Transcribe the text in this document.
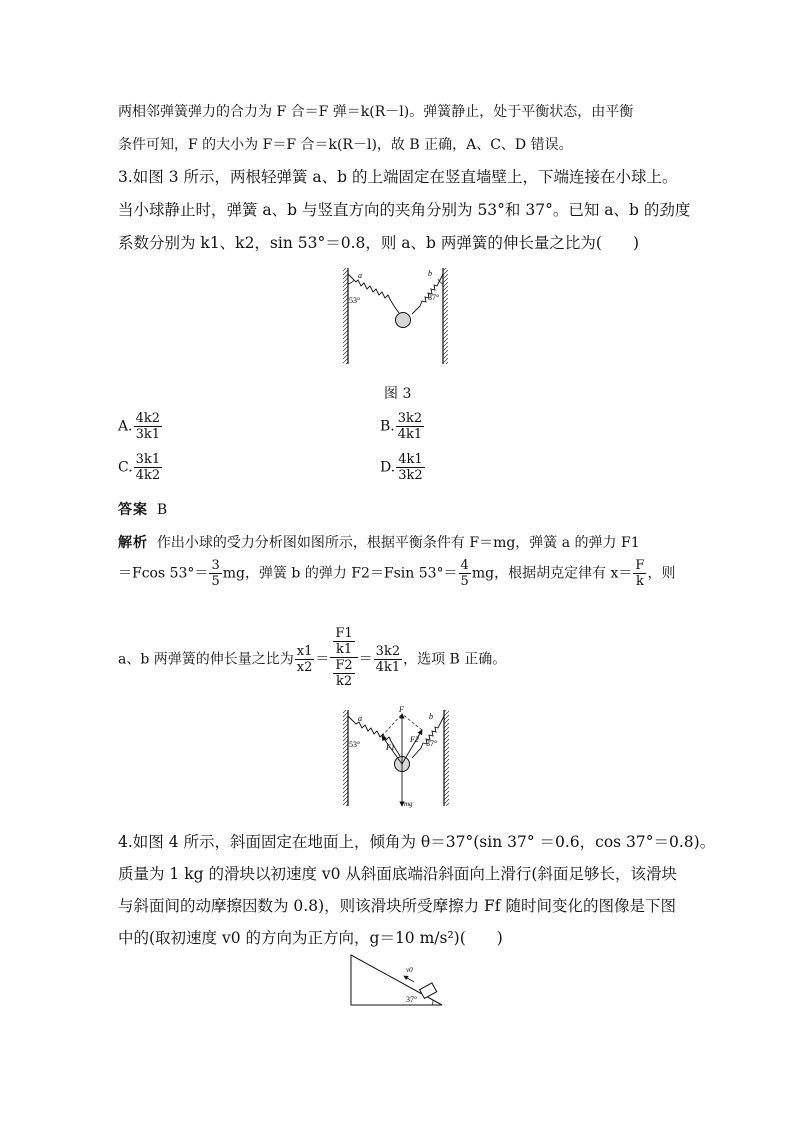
两相邻弹簧弹力的合力为 F 合＝F 弹＝k(R－l)。弹簧静止，处于平衡状态，由平衡
条件可知，F 的大小为 F＝F 合＝k(R－l)，故 B 正确，A、C、D 错误。
3.如图 3 所示，两根轻弹簧 a、b 的上端固定在竖直墙壁上，下端连接在小球上。
当小球静止时，弹簧 a、b 与竖直方向的夹角分别为 53°和 37°。已知 a、b 的劲度
系数分别为 k1、k2，sin 53°＝0.8，则 a、b 两弹簧的伸长量之比为(　　)
a	b
53°	37°
图 3
A. $\frac{4k2}{3k1}$	B. $\frac{3k2}{4k1}$
C. $\frac{3k1}{4k2}$	D. $\frac{4k1}{3k2}$
答案 B
解析 作出小球的受力分析图如图所示，根据平衡条件有 F＝mg，弹簧 a 的弹力 F1
＝Fcos $53^\circ= \frac{3}{5}$ mg，弹簧 b 的弹力 F2＝Fsin $53^\circ= \frac{4}{5}$ mg，根据胡克定律有 $x= \frac{F}{k}$ ，则
a、b 两弹簧的伸长量之比为 $\frac{x1}{x2} = \frac{\frac{F1}{k1}}{\frac{F2}{k2}} = \frac{3k2}{4k1}$ ，选项 B 正确。
F
F1
F2
mg
a	b
53°	37°
4.如图 4 所示，斜面固定在地面上，倾角为 θ＝37°(sin 37° ＝0.6，cos 37°＝0.8)。
质量为 1 kg 的滑块以初速度 v0 从斜面底端沿斜面向上滑行(斜面足够长，该滑块
与斜面间的动摩擦因数为 0.8)，则该滑块所受摩擦力 Ff 随时间变化的图像是下图
中的(取初速度 v0 的方向为正方向，g＝10 m/s²)(　　)
v0
37°
